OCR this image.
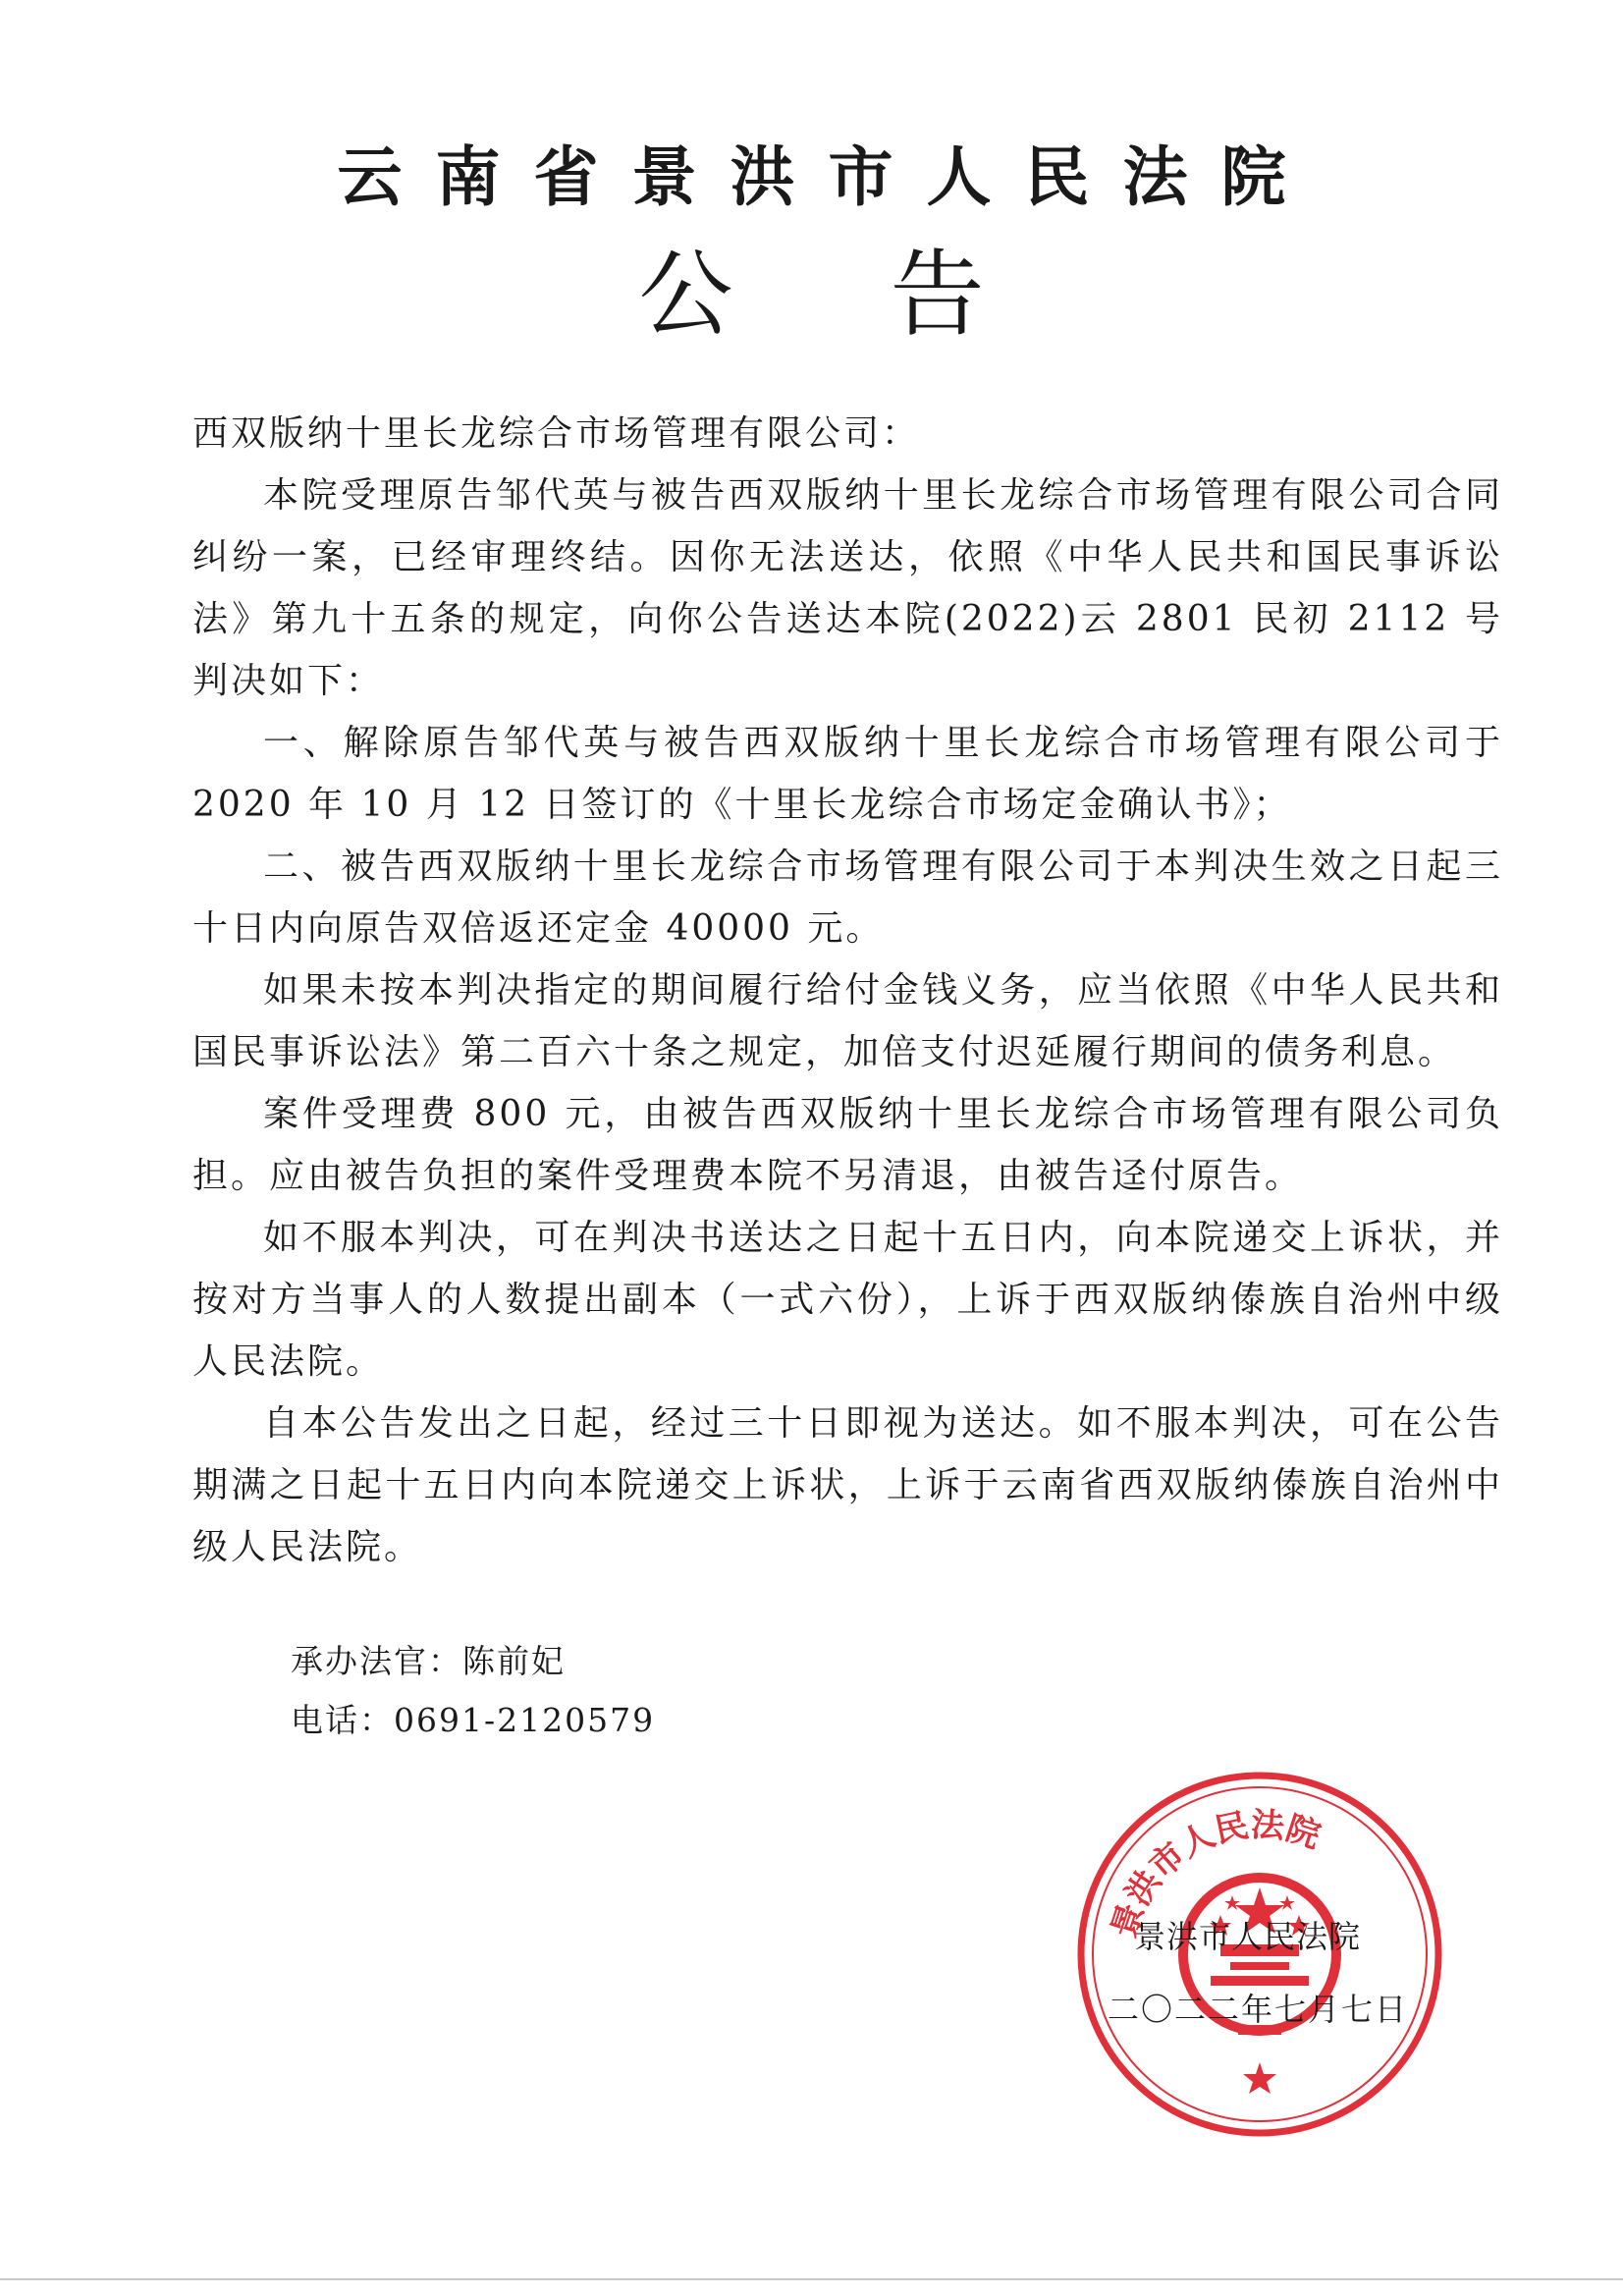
云南省景洪市人民法院
公告

西双版纳十里长龙综合市场管理有限公司：

本院受理原告邹代英与被告西双版纳十里长龙综合市场管理有限公司合同纠纷一案，已经审理终结。因你无法送达，依照《中华人民共和国民事诉讼法》第九十五条的规定，向你公告送达本院(2022)云 2801 民初 2112 号判决如下：

一、解除原告邹代英与被告西双版纳十里长龙综合市场管理有限公司于 2020 年 10 月 12 日签订的《十里长龙综合市场定金确认书》；

二、被告西双版纳十里长龙综合市场管理有限公司于本判决生效之日起三十日内向原告双倍返还定金 40000 元。

如果未按本判决指定的期间履行给付金钱义务，应当依照《中华人民共和国民事诉讼法》第二百六十条之规定，加倍支付迟延履行期间的债务利息。

案件受理费 800 元，由被告西双版纳十里长龙综合市场管理有限公司负担。应由被告负担的案件受理费本院不另清退，由被告迳付原告。

如不服本判决，可在判决书送达之日起十五日内，向本院递交上诉状，并按对方当事人的人数提出副本（一式六份），上诉于西双版纳傣族自治州中级人民法院。

自本公告发出之日起，经过三十日即视为送达。如不服本判决，可在公告期满之日起十五日内向本院递交上诉状，上诉于云南省西双版纳傣族自治州中级人民法院。

承办法官：陈前妃
电话：0691-2120579
景洪市人民法院
景洪市人民法院
二〇二二年七月七日
